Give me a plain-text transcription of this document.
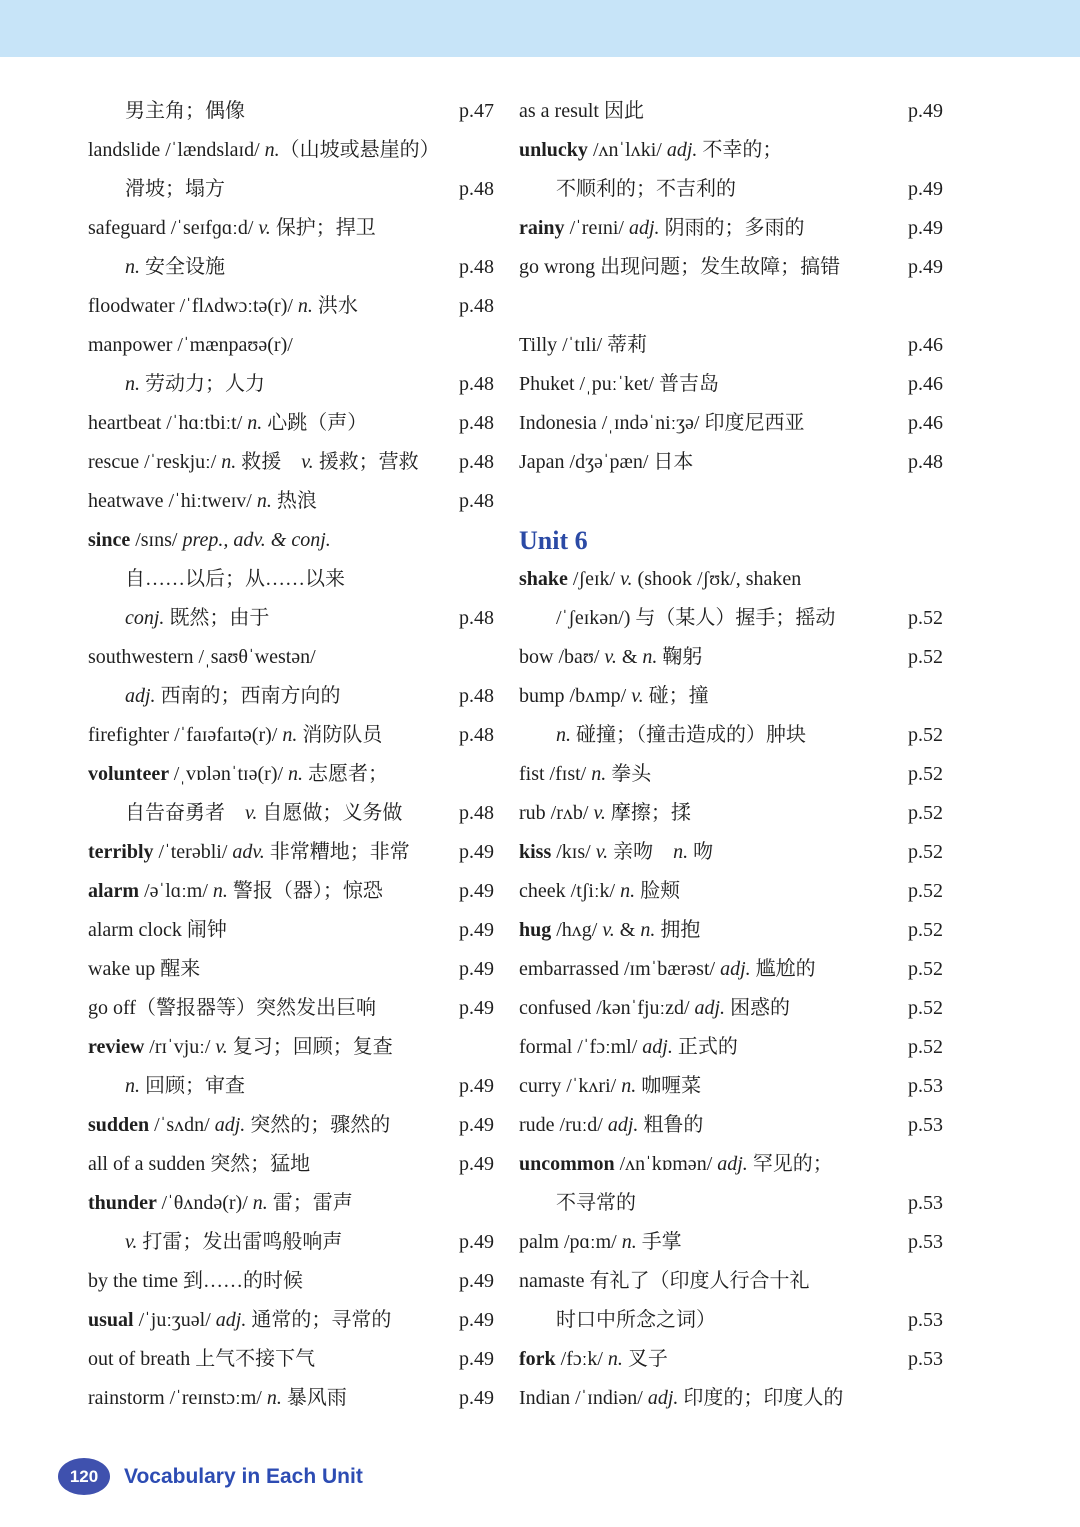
男主角；偶像	p.47
landslide /ˈlændslaɪd/ n.（山坡或悬崖的）
滑坡；塌方	p.48
safeguard /ˈseɪfɡɑːd/ v. 保护；捍卫
n. 安全设施	p.48
floodwater /ˈflʌdwɔːtə(r)/ n. 洪水	p.48
manpower /ˈmænpaʊə(r)/
n. 劳动力；人力	p.48
heartbeat /ˈhɑːtbiːt/ n. 心跳（声）	p.48
rescue /ˈreskjuː/ n. 救援　v. 援救；营救	p.48
heatwave /ˈhiːtweɪv/ n. 热浪	p.48
since /sɪns/ prep., adv. & conj.
自……以后；从……以来
conj. 既然；由于	p.48
southwestern /ˌsaʊθˈwestən/
adj. 西南的；西南方向的	p.48
firefighter /ˈfaɪəfaɪtə(r)/ n. 消防队员	p.48
volunteer /ˌvɒlənˈtɪə(r)/ n. 志愿者；
自告奋勇者　v. 自愿做；义务做	p.48
terribly /ˈterəbli/ adv. 非常糟地；非常	p.49
alarm /əˈlɑːm/ n. 警报（器）；惊恐	p.49
alarm clock 闹钟	p.49
wake up 醒来	p.49
go off（警报器等）突然发出巨响	p.49
review /rɪˈvjuː/ v. 复习；回顾；复查
n. 回顾；审查	p.49
sudden /ˈsʌdn/ adj. 突然的；骤然的	p.49
all of a sudden 突然；猛地	p.49
thunder /ˈθʌndə(r)/ n. 雷；雷声
v. 打雷；发出雷鸣般响声	p.49
by the time 到……的时候	p.49
usual /ˈjuːʒuəl/ adj. 通常的；寻常的	p.49
out of breath 上气不接下气	p.49
rainstorm /ˈreɪnstɔːm/ n. 暴风雨	p.49
as a result 因此	p.49
unlucky /ʌnˈlʌki/ adj. 不幸的；
不顺利的；不吉利的	p.49
rainy /ˈreɪni/ adj. 阴雨的；多雨的	p.49
go wrong 出现问题；发生故障；搞错	p.49
Tilly /ˈtɪli/ 蒂莉	p.46
Phuket /ˌpuːˈket/ 普吉岛	p.46
Indonesia /ˌɪndəˈniːʒə/ 印度尼西亚	p.46
Japan /dʒəˈpæn/ 日本	p.48
Unit 6
shake /ʃeɪk/ v. (shook /ʃʊk/, shaken
/ˈʃeɪkən/) 与（某人）握手；摇动	p.52
bow /baʊ/ v. & n. 鞠躬	p.52
bump /bʌmp/ v. 碰；撞
n. 碰撞；（撞击造成的）肿块	p.52
fist /fɪst/ n. 拳头	p.52
rub /rʌb/ v. 摩擦；揉	p.52
kiss /kɪs/ v. 亲吻　n. 吻	p.52
cheek /tʃiːk/ n. 脸颊	p.52
hug /hʌg/ v. & n. 拥抱	p.52
embarrassed /ɪmˈbærəst/ adj. 尴尬的	p.52
confused /kənˈfjuːzd/ adj. 困惑的	p.52
formal /ˈfɔːml/ adj. 正式的	p.52
curry /ˈkʌri/ n. 咖喱菜	p.53
rude /ruːd/ adj. 粗鲁的	p.53
uncommon /ʌnˈkɒmən/ adj. 罕见的；
不寻常的	p.53
palm /pɑːm/ n. 手掌	p.53
namaste 有礼了（印度人行合十礼
时口中所念之词）	p.53
fork /fɔːk/ n. 叉子	p.53
Indian /ˈɪndiən/ adj. 印度的；印度人的
120 Vocabulary in Each Unit
